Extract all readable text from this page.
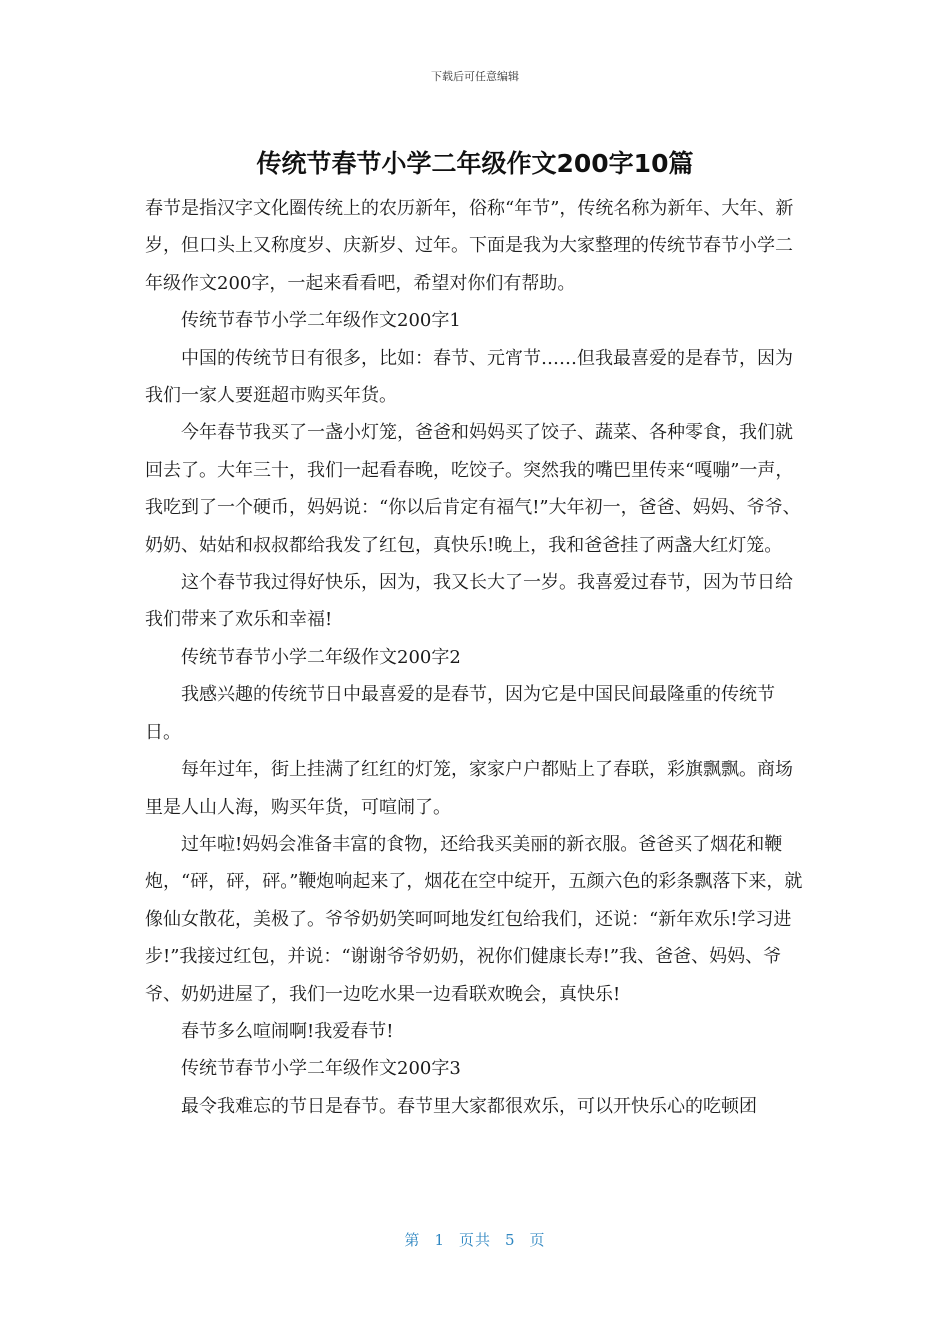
下载后可任意编辑
传统节春节小学二年级作文200字10篇

春节是指汉字文化圈传统上的农历新年，俗称“年节”，传统名称为新年、大年、新岁，但口头上又称度岁、庆新岁、过年。下面是我为大家整理的传统节春节小学二年级作文200字，一起来看看吧，希望对你们有帮助。

传统节春节小学二年级作文200字1

中国的传统节日有很多，比如：春节、元宵节……但我最喜爱的是春节，因为我们一家人要逛超市购买年货。

今年春节我买了一盏小灯笼，爸爸和妈妈买了饺子、蔬菜、各种零食，我们就回去了。大年三十，我们一起看春晚，吃饺子。突然我的嘴巴里传来“嘎嘣”一声，我吃到了一个硬币，妈妈说：“你以后肯定有福气!”大年初一，爸爸、妈妈、爷爷、奶奶、姑姑和叔叔都给我发了红包，真快乐!晚上，我和爸爸挂了两盏大红灯笼。

这个春节我过得好快乐，因为，我又长大了一岁。我喜爱过春节，因为节日给我们带来了欢乐和幸福!

传统节春节小学二年级作文200字2

我感兴趣的传统节日中最喜爱的是春节，因为它是中国民间最隆重的传统节日。

每年过年，街上挂满了红红的灯笼，家家户户都贴上了春联，彩旗飘飘。商场里是人山人海，购买年货，可喧闹了。

过年啦!妈妈会准备丰富的食物，还给我买美丽的新衣服。爸爸买了烟花和鞭炮，“砰，砰，砰。”鞭炮响起来了，烟花在空中绽开，五颜六色的彩条飘落下来，就像仙女散花，美极了。爷爷奶奶笑呵呵地发红包给我们，还说：“新年欢乐!学习进步!”我接过红包，并说：“谢谢爷爷奶奶，祝你们健康长寿!”我、爸爸、妈妈、爷爷、奶奶进屋了，我们一边吃水果一边看联欢晚会，真快乐!

春节多么喧闹啊!我爱春节!

传统节春节小学二年级作文200字3

最令我难忘的节日是春节。春节里大家都很欢乐，可以开快乐心的吃顿团

第 1 页共 5 页
